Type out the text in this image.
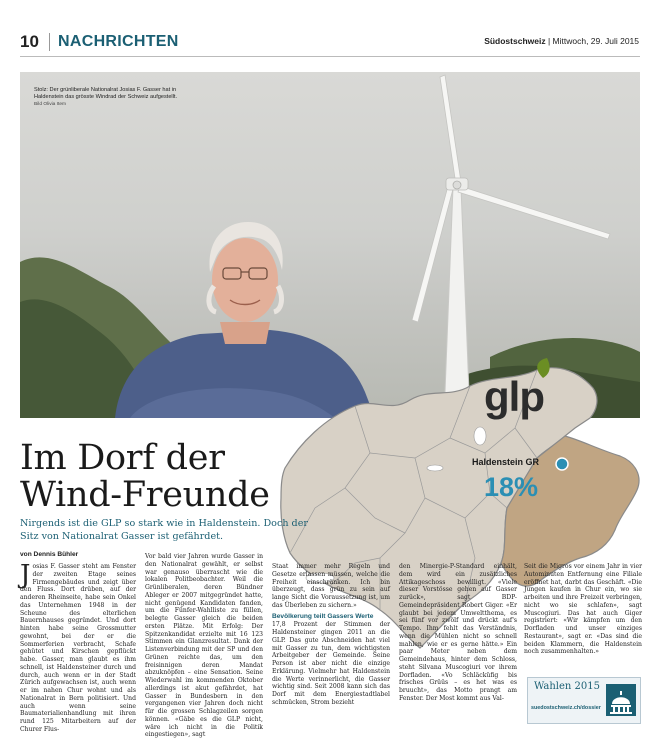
10 NACHRICHTEN	Südostschweiz | Mittwoch, 29. Juli 2015
Stolz: Der grünliberale Nationalrat Josias F. Gasser hat in Haldenstein das grösste Windrad der Schweiz aufgestellt. Bild Olivia Item
glp
Haldenstein GR
18%
Im Dorf der
Wind-Freunde

Nirgends ist die GLP so stark wie in Haldenstein. Doch der Sitz von Nationalrat Gasser ist gefährdet.

von Dennis Bühler

Josias F. Gasser steht am Fenster der zweiten Etage seines Firmengebäudes und zeigt über den Fluss. Dort drüben, auf der anderen Rheinseite, habe sein Onkel das Unternehmen 1948 in der Scheune des elterlichen Bauernhauses gegründet. Und dort hinten habe seine Grossmutter gewohnt, bei der er die Sommerferien verbracht, Schafe gehütet und Kirschen gepflückt habe. Gasser, man glaubt es ihm schnell, ist Haldensteiner durch und durch, auch wenn er in der Stadt Zürich aufgewachsen ist, auch wenn er im nahen Chur wohnt und als Nationalrat in Bern politisiert. Und auch wenn seine Baumaterialienhandlung mit ihren rund 125 Mitarbeitern auf der Churer Flus-

Vor bald vier Jahren wurde Gasser in den Nationalrat gewählt, er selbst war genauso überrascht wie die lokalen Politbeobachter. Weil die Grünliberalen, deren Bündner Ableger er 2007 mitgegründet hatte, nicht genügend Kandidaten fanden, um die Fünfer-Wahlliste zu füllen, belegte Gasser gleich die beiden ersten Plätze. Mit Erfolg: Der Spitzenkandidat erzielte mit 16 123 Stimmen ein Glanzresultat. Dank der Listenverbindung mit der SP und den Grünen reichte das, um den freisinnigen deren Mandat abzuknöpfen – eine Sensation. Seine Wiederwahl im kommenden Oktober allerdings ist akut gefährdet, hat Gasser in Bundesbern in den vergangenen vier Jahren doch nicht für die grossen Schlagzeilen sorgen können. «Gäbe es die GLP nicht, wäre ich nicht in die Politik eingestiegen», sagt

Staat immer mehr Regeln und Gesetze erlassen müssen, welche die Freiheit einschränken. Ich bin überzeugt, dass grün zu sein auf lange Sicht die Voraussetzung ist, um das Überleben zu sichern.»

Bevölkerung teilt Gassers Werte

17,8 Prozent der Stimmen der Haldensteiner gingen 2011 an die GLP. Das gute Abschneiden hat viel mit Gasser zu tun, dem wichtigsten Arbeitgeber der Gemeinde. Seine Person ist aber nicht die einzige Erklärung. Vielmehr hat Haldenstein die Werte verinnerlicht, die Gasser wichtig sind. Seit 2008 kann sich das Dorf mit dem Energiestadtlabel schmücken, Strom bezieht

den Minergie-P-Standard einhält, dem wird ein zusätzliches Attikageschoss bewilligt. «Viele dieser Vorstösse gehen auf Gasser zurück», sagt BDP-Gemeindepräsident Robert Giger. «Er glaubt bei jedem Umweltthema, es sei fünf vor zwölf und drückt auf's Tempo. Ihm fehlt das Verständnis, wenn die Mühlen nicht so schnell mahlen, wie er es gerne hätte.» Ein paar Meter neben dem Gemeindehaus, hinter dem Schloss, steht Silvana Muscogiuri vor ihrem Dorfladen. «Vo Schläcküfig bis frisches Grüüs – es het was es bruucht», das Motto prangt am Fenster. Der Most kommt aus Val-

Seit die Migros vor einem Jahr in vier Autominuten Entfernung eine Filiale eröffnet hat, darbt das Geschäft. «Die Jungen kaufen in Chur ein, wo sie arbeiten und ihre Freizeit verbringen, nicht wo sie schlafen», sagt Muscogiuri. Das hat auch Giger registriert: «Wir kämpfen um den Dorfladen und unser einziges Restaurant», sagt er. «Das sind die beiden Klammern, die Haldenstein noch zusammenhalten.»

Wahlen 2015
suedostschweiz.ch/dossier
